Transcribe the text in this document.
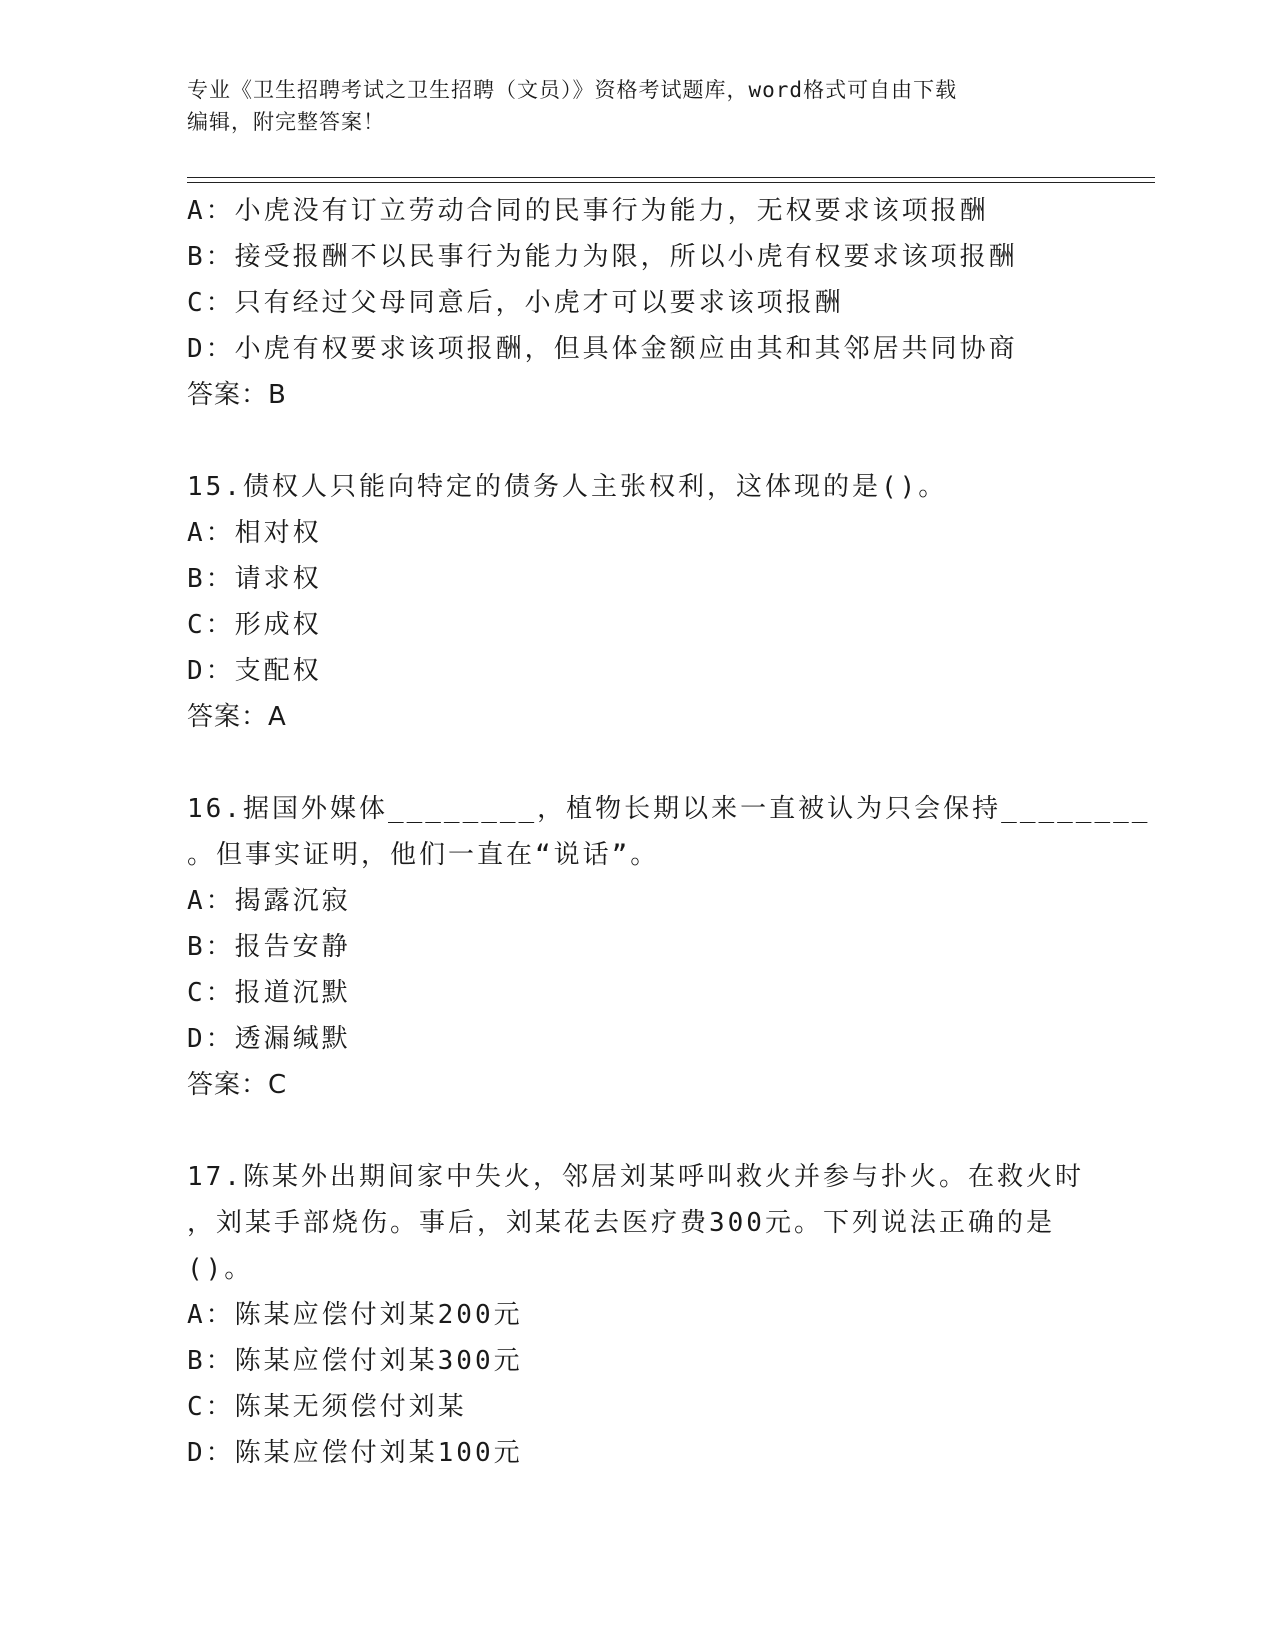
专业《卫生招聘考试之卫生招聘（文员）》资格考试题库，word格式可自由下载
编辑，附完整答案！
A：小虎没有订立劳动合同的民事行为能力，无权要求该项报酬
B：接受报酬不以民事行为能力为限，所以小虎有权要求该项报酬
C：只有经过父母同意后，小虎才可以要求该项报酬
D：小虎有权要求该项报酬，但具体金额应由其和其邻居共同协商
答案：B
15.债权人只能向特定的债务人主张权利，这体现的是()。
A：相对权
B：请求权
C：形成权
D：支配权
答案：A
16.据国外媒体________，植物长期以来一直被认为只会保持________
。但事实证明，他们一直在“说话”。
A：揭露沉寂
B：报告安静
C：报道沉默
D：透漏缄默
答案：C
17.陈某外出期间家中失火，邻居刘某呼叫救火并参与扑火。在救火时
，刘某手部烧伤。事后，刘某花去医疗费300元。下列说法正确的是
()。
A：陈某应偿付刘某200元
B：陈某应偿付刘某300元
C：陈某无须偿付刘某
D：陈某应偿付刘某100元
